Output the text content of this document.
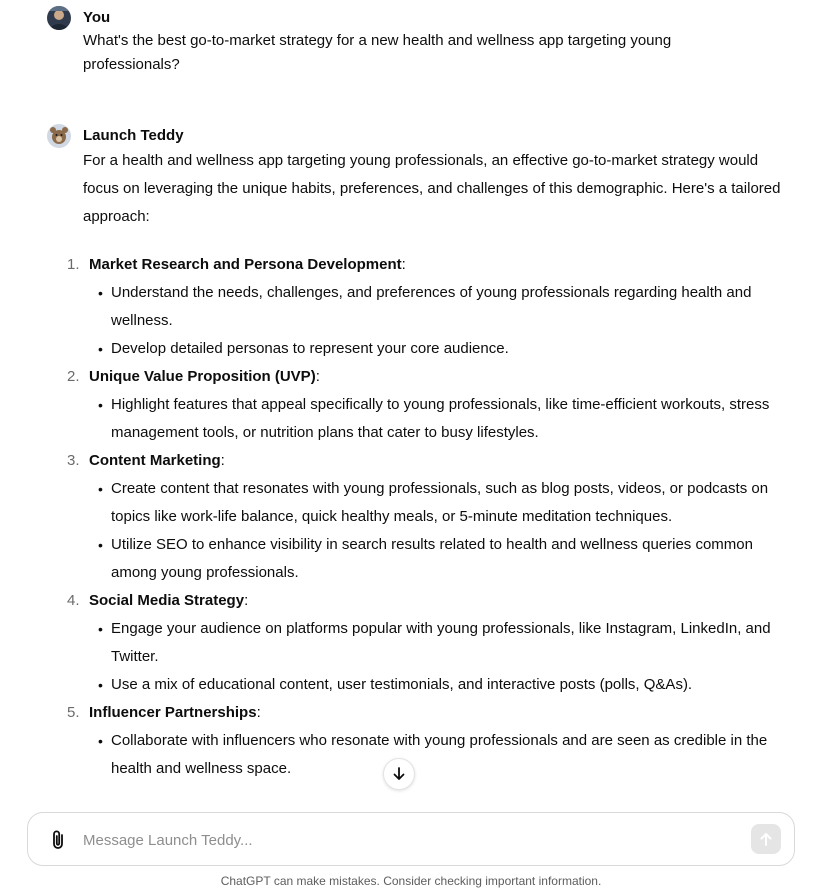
You
What's the best go-to-market strategy for a new health and wellness app targeting young professionals?
Launch Teddy
For a health and wellness app targeting young professionals, an effective go-to-market strategy would focus on leveraging the unique habits, preferences, and challenges of this demographic. Here's a tailored approach:
1. Market Research and Persona Development:
• Understand the needs, challenges, and preferences of young professionals regarding health and wellness.
• Develop detailed personas to represent your core audience.
2. Unique Value Proposition (UVP):
• Highlight features that appeal specifically to young professionals, like time-efficient workouts, stress management tools, or nutrition plans that cater to busy lifestyles.
3. Content Marketing:
• Create content that resonates with young professionals, such as blog posts, videos, or podcasts on topics like work-life balance, quick healthy meals, or 5-minute meditation techniques.
• Utilize SEO to enhance visibility in search results related to health and wellness queries common among young professionals.
4. Social Media Strategy:
• Engage your audience on platforms popular with young professionals, like Instagram, LinkedIn, and Twitter.
• Use a mix of educational content, user testimonials, and interactive posts (polls, Q&As).
5. Influencer Partnerships:
• Collaborate with influencers who resonate with young professionals and are seen as credible in the health and wellness space.
Message Launch Teddy...
ChatGPT can make mistakes. Consider checking important information.
